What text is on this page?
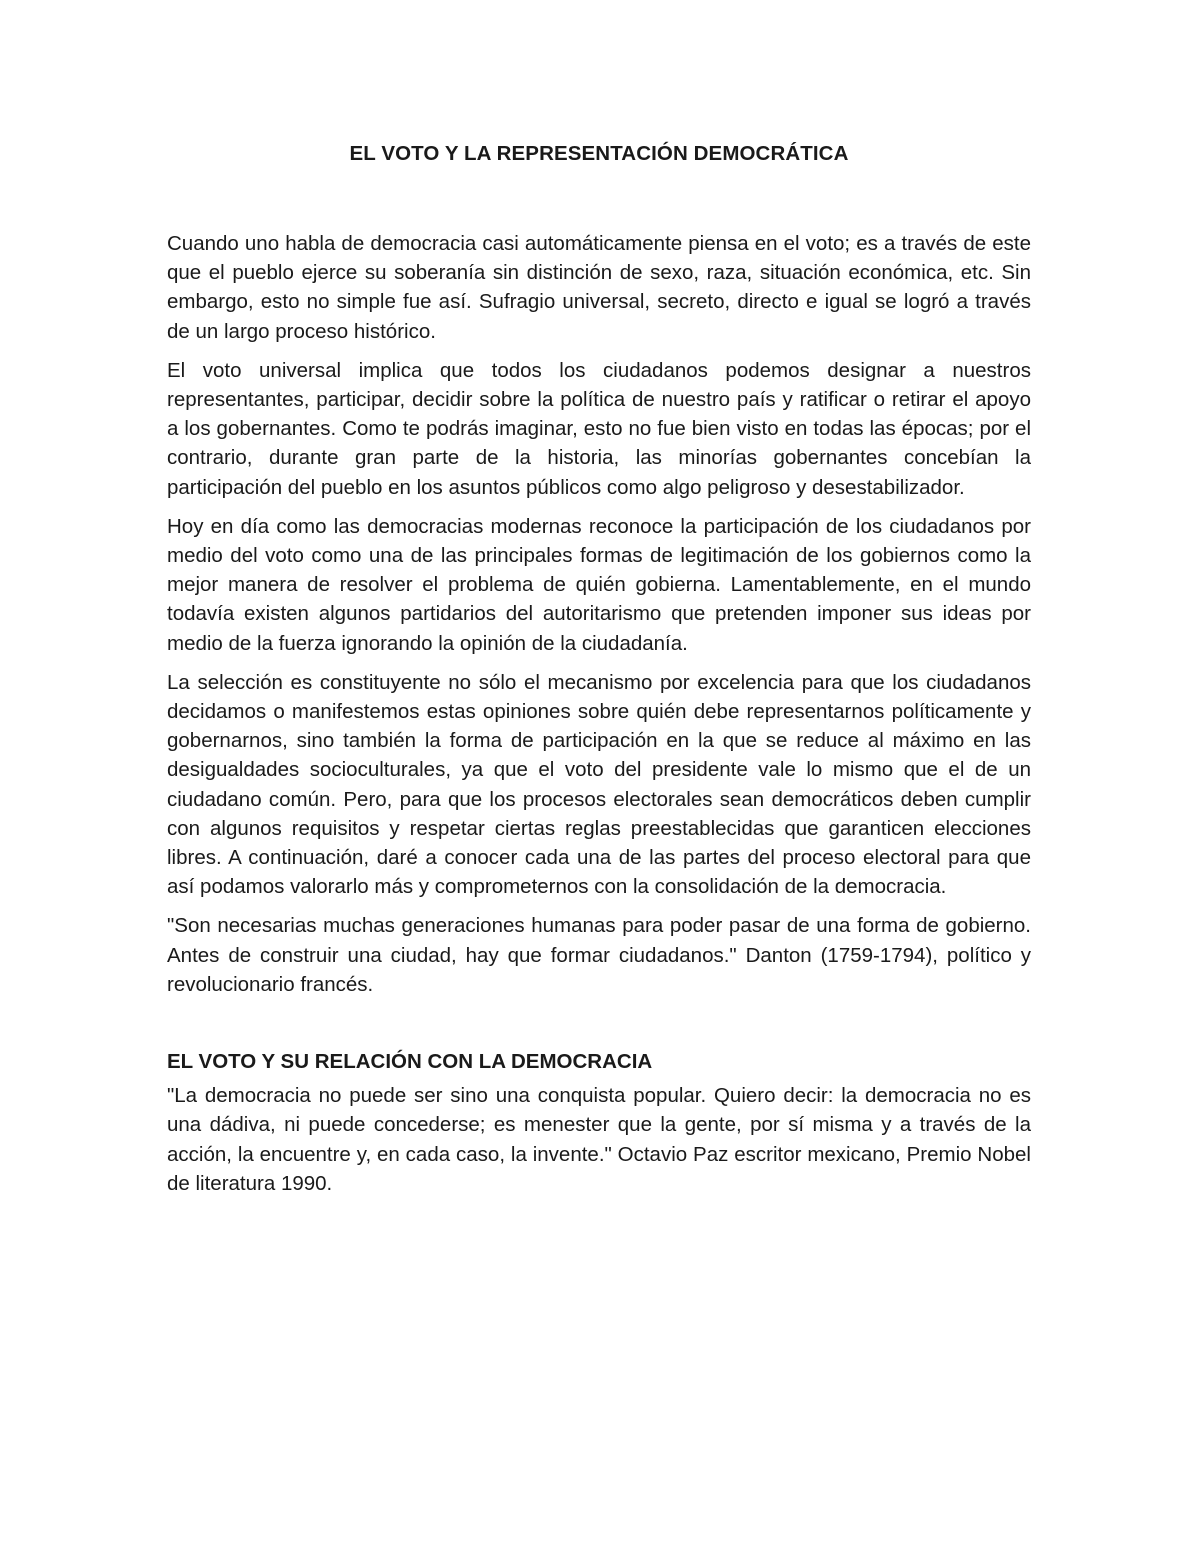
EL VOTO Y LA REPRESENTACIÓN DEMOCRÁTICA

Cuando uno habla de democracia casi automáticamente piensa en el voto; es a través de este que el pueblo ejerce su soberanía sin distinción de sexo, raza, situación económica, etc. Sin embargo, esto no simple fue así. Sufragio universal, secreto, directo e igual se logró a través de un largo proceso histórico.

El voto universal implica que todos los ciudadanos podemos designar a nuestros representantes, participar, decidir sobre la política de nuestro país y ratificar o retirar el apoyo a los gobernantes. Como te podrás imaginar, esto no fue bien visto en todas las épocas; por el contrario, durante gran parte de la historia, las minorías gobernantes concebían la participación del pueblo en los asuntos públicos como algo peligroso y desestabilizador.

Hoy en día como las democracias modernas reconoce la participación de los ciudadanos por medio del voto como una de las principales formas de legitimación de los gobiernos como la mejor manera de resolver el problema de quién gobierna. Lamentablemente, en el mundo todavía existen algunos partidarios del autoritarismo que pretenden imponer sus ideas por medio de la fuerza ignorando la opinión de la ciudadanía.

La selección es constituyente no sólo el mecanismo por excelencia para que los ciudadanos decidamos o manifestemos estas opiniones sobre quién debe representarnos políticamente y gobernarnos, sino también la forma de participación en la que se reduce al máximo en las desigualdades socioculturales, ya que el voto del presidente vale lo mismo que el de un ciudadano común. Pero, para que los procesos electorales sean democráticos deben cumplir con algunos requisitos y respetar ciertas reglas preestablecidas que garanticen elecciones libres. A continuación, daré a conocer cada una de las partes del proceso electoral para que así podamos valorarlo más y comprometernos con la consolidación de la democracia.

"Son necesarias muchas generaciones humanas para poder pasar de una forma de gobierno. Antes de construir una ciudad, hay que formar ciudadanos." Danton (1759-1794), político y revolucionario francés.

EL VOTO Y SU RELACIÓN CON LA DEMOCRACIA

"La democracia no puede ser sino una conquista popular. Quiero decir: la democracia no es una dádiva, ni puede concederse; es menester que la gente, por sí misma y a través de la acción, la encuentre y, en cada caso, la invente." Octavio Paz escritor mexicano, Premio Nobel de literatura 1990.
